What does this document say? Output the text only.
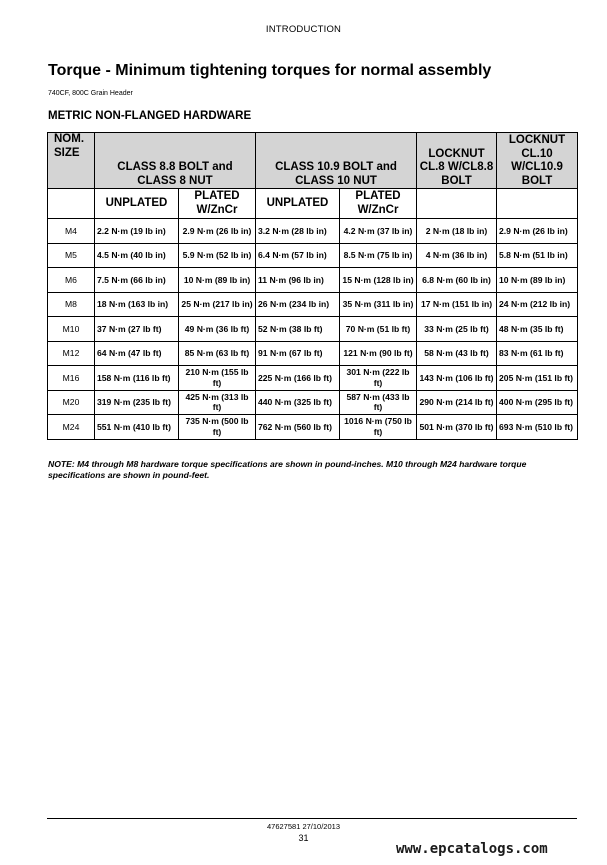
INTRODUCTION
Torque - Minimum tightening torques for normal assembly
740CF, 800C Grain Header
METRIC NON-FLANGED HARDWARE
NOM. SIZE	CLASS 8.8 BOLT and CLASS 8 NUT		CLASS 10.9 BOLT and CLASS 10 NUT		LOCKNUT CL.8 W/CL8.8 BOLT	LOCKNUT CL.10 W/CL10.9 BOLT
	UNPLATED	PLATED W/ZnCr	UNPLATED	PLATED W/ZnCr		
M4	2.2 N·m (19 lb in)	2.9 N·m (26 lb in)	3.2 N·m (28 lb in)	4.2 N·m (37 lb in)	2 N·m (18 lb in)	2.9 N·m (26 lb in)
M5	4.5 N·m (40 lb in)	5.9 N·m (52 lb in)	6.4 N·m (57 lb in)	8.5 N·m (75 lb in)	4 N·m (36 lb in)	5.8 N·m (51 lb in)
M6	7.5 N·m (66 lb in)	10 N·m (89 lb in)	11 N·m (96 lb in)	15 N·m (128 lb in)	6.8 N·m (60 lb in)	10 N·m (89 lb in)
M8	18 N·m (163 lb in)	25 N·m (217 lb in)	26 N·m (234 lb in)	35 N·m (311 lb in)	17 N·m (151 lb in)	24 N·m (212 lb in)
M10	37 N·m (27 lb ft)	49 N·m (36 lb ft)	52 N·m (38 lb ft)	70 N·m (51 lb ft)	33 N·m (25 lb ft)	48 N·m (35 lb ft)
M12	64 N·m (47 lb ft)	85 N·m (63 lb ft)	91 N·m (67 lb ft)	121 N·m (90 lb ft)	58 N·m (43 lb ft)	83 N·m (61 lb ft)
M16	158 N·m (116 lb ft)	210 N·m (155 lb ft)	225 N·m (166 lb ft)	301 N·m (222 lb ft)	143 N·m (106 lb ft)	205 N·m (151 lb ft)
M20	319 N·m (235 lb ft)	425 N·m (313 lb ft)	440 N·m (325 lb ft)	587 N·m (433 lb ft)	290 N·m (214 lb ft)	400 N·m (295 lb ft)
M24	551 N·m (410 lb ft)	735 N·m (500 lb ft)	762 N·m (560 lb ft)	1016 N·m (750 lb ft)	501 N·m (370 lb ft)	693 N·m (510 lb ft)
NOTE: M4 through M8 hardware torque specifications are shown in pound-inches. M10 through M24 hardware torque specifications are shown in pound-feet.
47627581 27/10/2013
31
www.epcatalogs.com
